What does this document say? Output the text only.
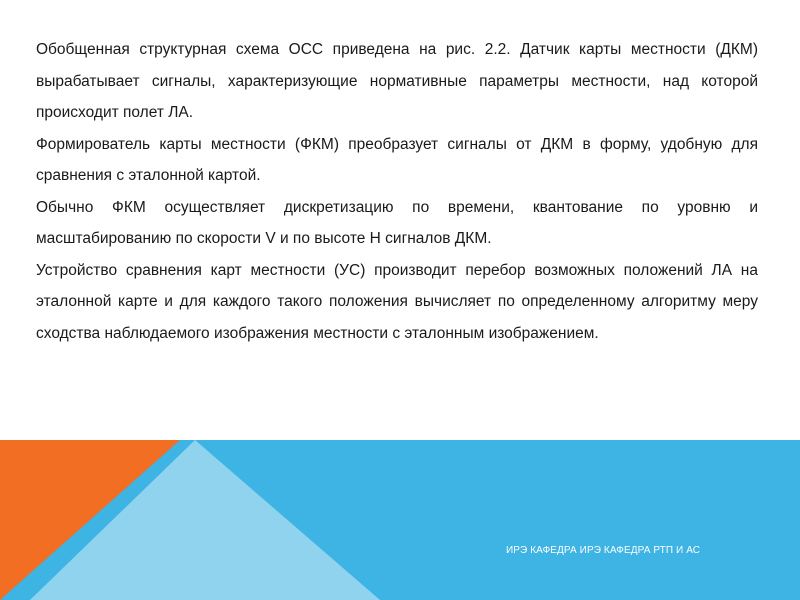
Обобщенная структурная схема ОСС приведена на рис. 2.2. Датчик карты местности (ДКМ) вырабатывает сигналы, характеризующие нормативные параметры местности, над которой происходит полет ЛА.

Формирователь карты местности (ФКМ) преобразует сигналы от ДКМ в форму, удобную для сравнения с эталонной картой.

Обычно ФКМ осуществляет дискретизацию по времени, квантование по уровню и масштабированию по скорости V и по высоте H сигналов ДКМ.

Устройство сравнения карт местности (УС) производит перебор возможных положений ЛА на эталонной карте и для каждого такого положения вычисляет по определенному алгоритму меру сходства наблюдаемого изображения местности с эталонным изображением.

ИРЭ КАФЕДРА ИРЭ КАФЕДРА РТП И АС
